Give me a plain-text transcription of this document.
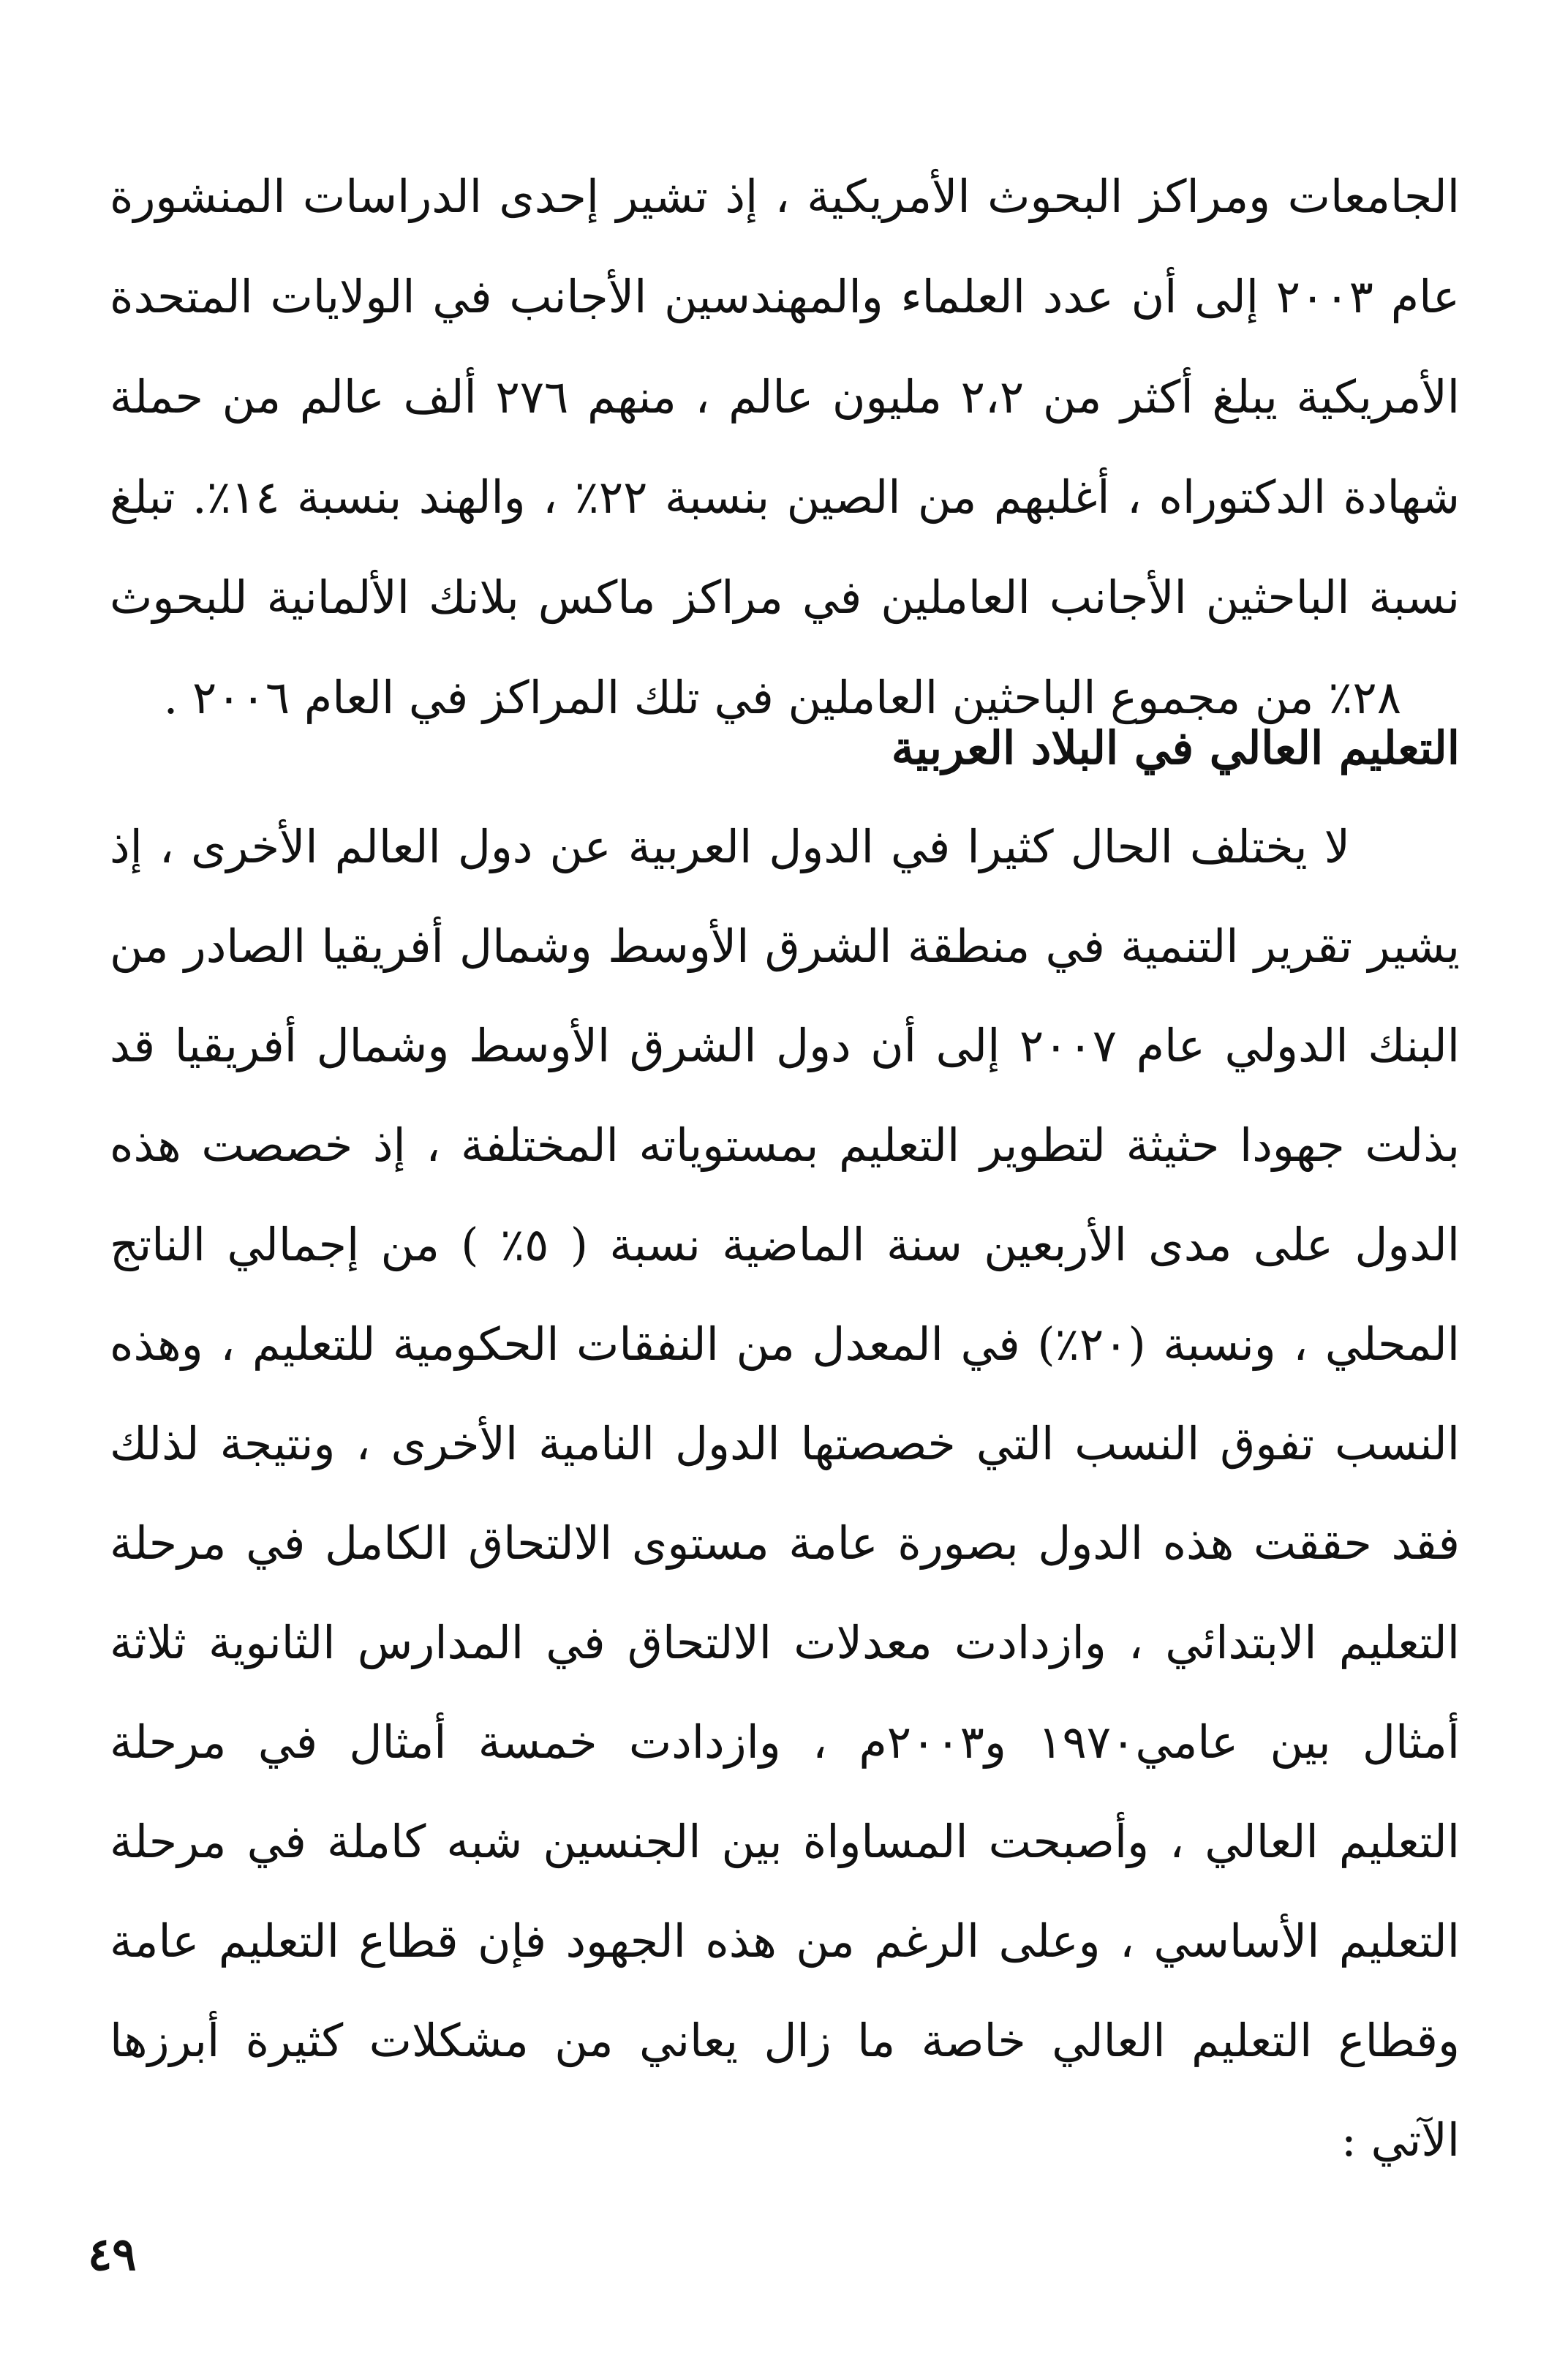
الجامعات ومراكز البحوث الأمريكية ، إذ تشير إحدى الدراسات المنشورة
عام ٢٠٠٣ إلى أن عدد العلماء والمهندسين الأجانب في الولايات المتحدة
الأمريكية يبلغ أكثر من ٢،٢ مليون عالم ، منهم ٢٧٦ ألف عالم من حملة
شهادة الدكتوراه ، أغلبهم من الصين بنسبة ٢٢٪ ، والهند بنسبة ١٤٪. تبلغ
نسبة الباحثين الأجانب العاملين في مراكز ماكس بلانك الألمانية للبحوث
٢٨٪ من مجموع الباحثين العاملين في تلك المراكز في العام ٢٠٠٦ .
التعليم العالي في البلاد العربية
لا يختلف الحال كثيرا في الدول العربية عن دول العالم الأخرى ، إذ
يشير تقرير التنمية في منطقة الشرق الأوسط وشمال أفريقيا الصادر من
البنك الدولي عام ٢٠٠٧ إلى أن دول الشرق الأوسط وشمال أفريقيا قد
بذلت جهودا حثيثة لتطوير التعليم بمستوياته المختلفة ، إذ خصصت هذه
الدول على مدى الأربعين سنة الماضية نسبة ( ٥٪ ) من إجمالي الناتج
المحلي ، ونسبة (٢٠٪) في المعدل من النفقات الحكومية للتعليم ، وهذه
النسب تفوق النسب التي خصصتها الدول النامية الأخرى ، ونتيجة لذلك
فقد حققت هذه الدول بصورة عامة مستوى الالتحاق الكامل في مرحلة
التعليم الابتدائي ، وازدادت معدلات الالتحاق في المدارس الثانوية ثلاثة
أمثال بين عامي١٩٧٠ و٢٠٠٣م ، وازدادت خمسة أمثال في مرحلة
التعليم العالي ، وأصبحت المساواة بين الجنسين شبه كاملة في مرحلة
التعليم الأساسي ، وعلى الرغم من هذه الجهود فإن قطاع التعليم عامة
وقطاع التعليم العالي خاصة ما زال يعاني من مشكلات كثيرة أبرزها
الآتي :
٤٩
